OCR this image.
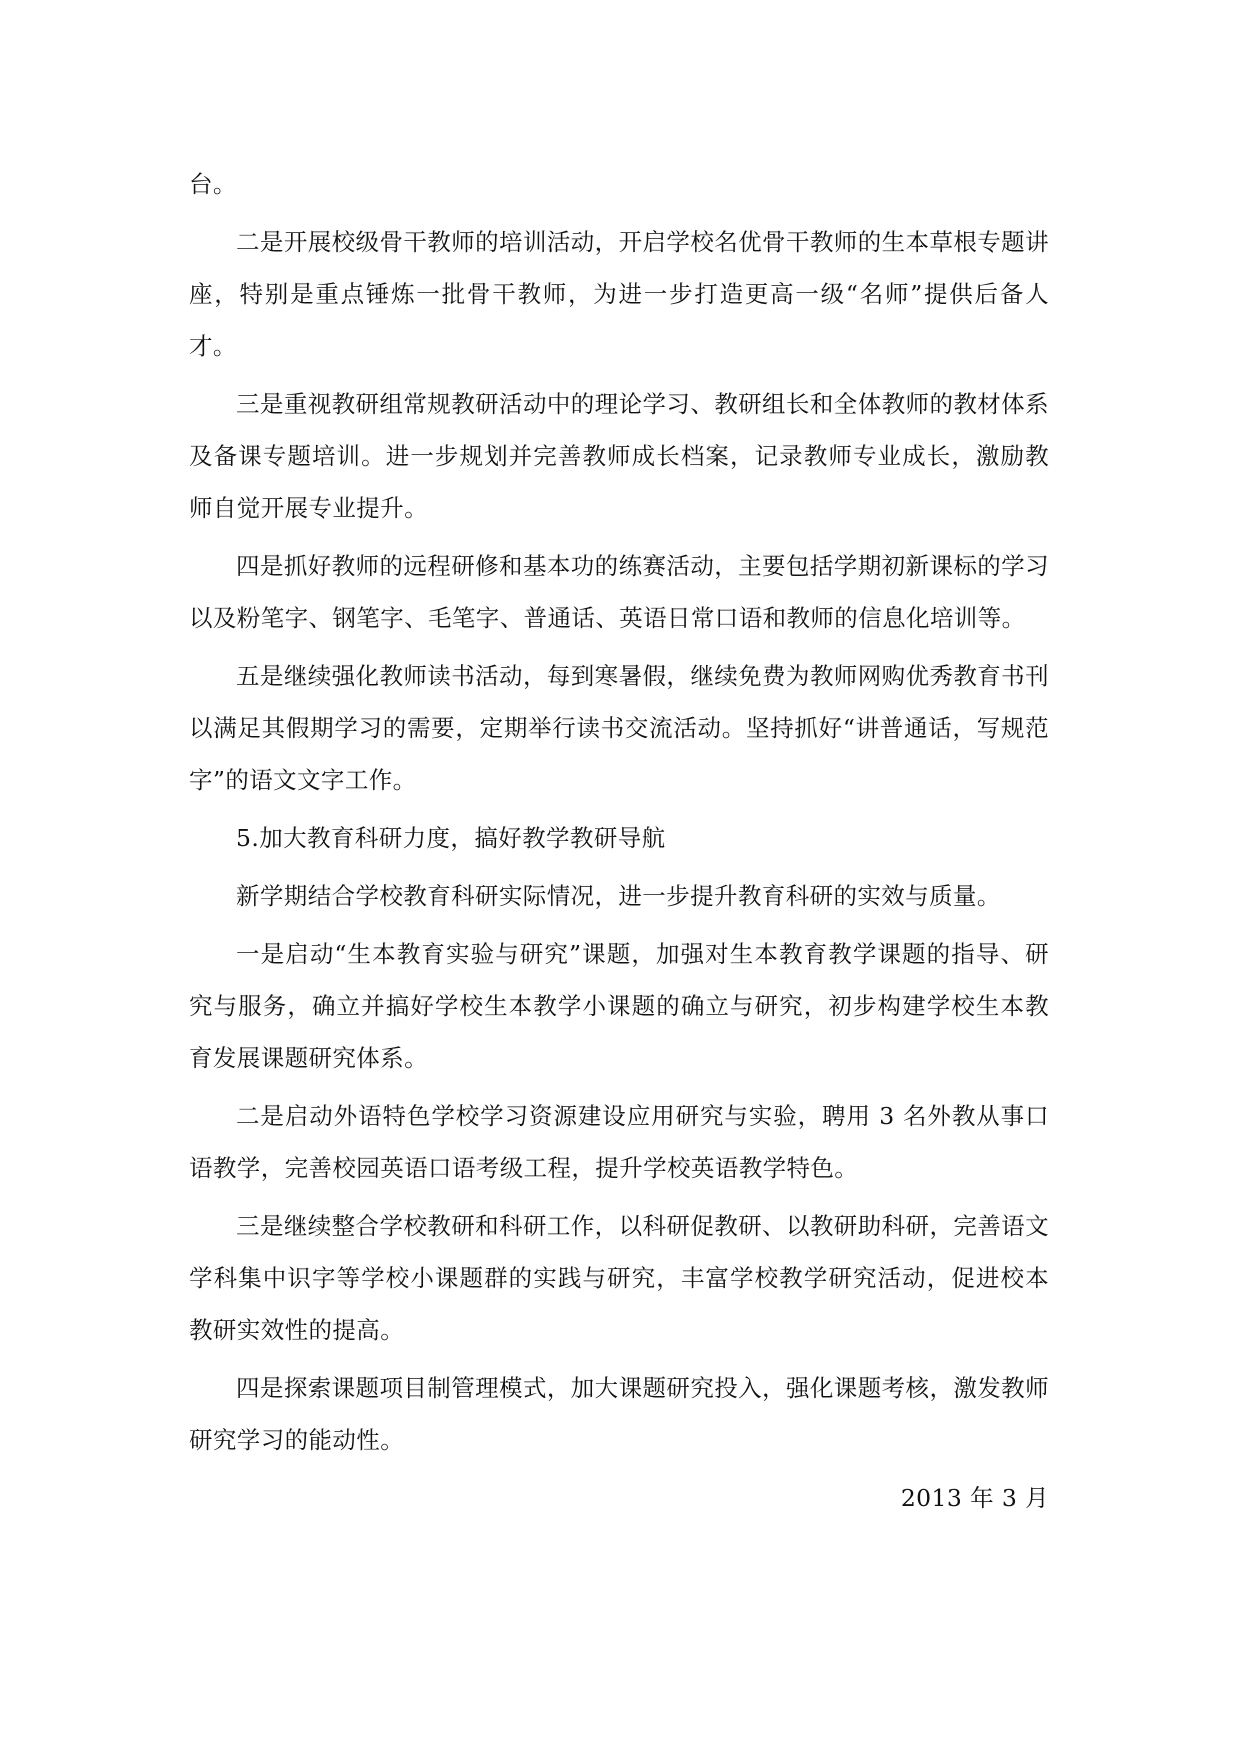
台。

二是开展校级骨干教师的培训活动，开启学校名优骨干教师的生本草根专题讲座，特别是重点锤炼一批骨干教师，为进一步打造更高一级“名师”提供后备人才。

三是重视教研组常规教研活动中的理论学习、教研组长和全体教师的教材体系及备课专题培训。进一步规划并完善教师成长档案，记录教师专业成长，激励教师自觉开展专业提升。

四是抓好教师的远程研修和基本功的练赛活动，主要包括学期初新课标的学习以及粉笔字、钢笔字、毛笔字、普通话、英语日常口语和教师的信息化培训等。

五是继续强化教师读书活动，每到寒暑假，继续免费为教师网购优秀教育书刊以满足其假期学习的需要，定期举行读书交流活动。坚持抓好“讲普通话，写规范字”的语文文字工作。

5.加大教育科研力度，搞好教学教研导航

新学期结合学校教育科研实际情况，进一步提升教育科研的实效与质量。

一是启动“生本教育实验与研究”课题，加强对生本教育教学课题的指导、研究与服务，确立并搞好学校生本教学小课题的确立与研究，初步构建学校生本教育发展课题研究体系。

二是启动外语特色学校学习资源建设应用研究与实验，聘用 3 名外教从事口语教学，完善校园英语口语考级工程，提升学校英语教学特色。

三是继续整合学校教研和科研工作，以科研促教研、以教研助科研，完善语文学科集中识字等学校小课题群的实践与研究，丰富学校教学研究活动，促进校本教研实效性的提高。

四是探索课题项目制管理模式，加大课题研究投入，强化课题考核，激发教师研究学习的能动性。

2013 年 3 月
